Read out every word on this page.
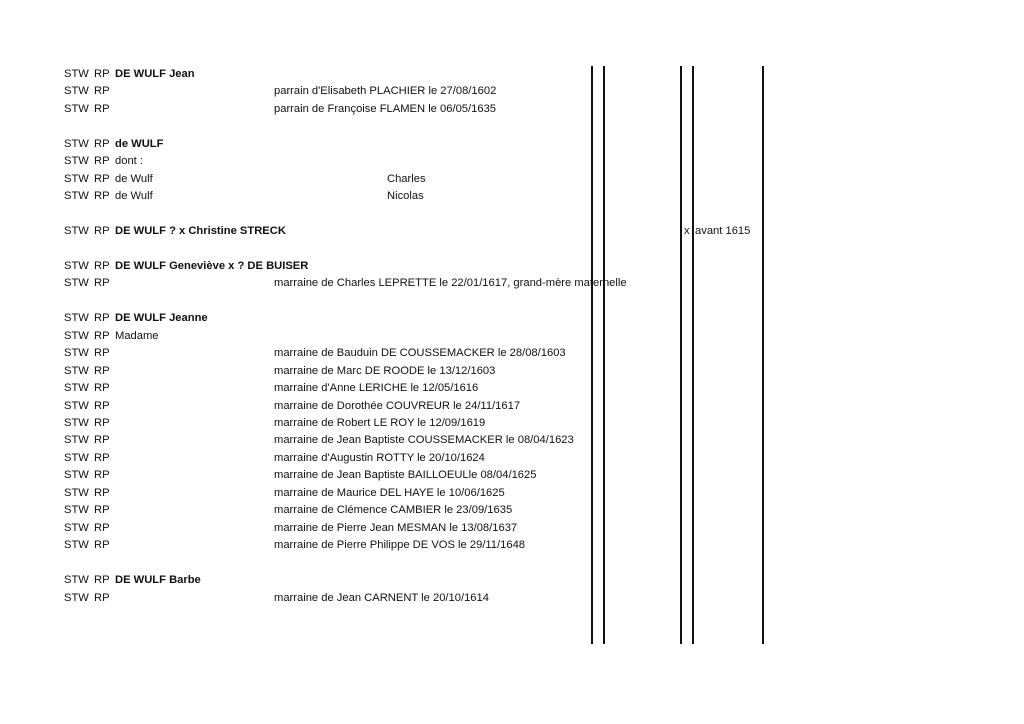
STW RP DE WULF Jean
STW RP	parrain d'Elisabeth PLACHIER le 27/08/1602
STW RP	parrain de Françoise FLAMEN le 06/05/1635
STW RP de WULF
STW RP dont :
STW RP de Wulf	Charles
STW RP de Wulf	Nicolas
STW RP DE WULF ? x Christine STRECK	x avant 1615
STW RP DE WULF Geneviève x ? DE BUISER
STW RP	marraine de Charles LEPRETTE le 22/01/1617, grand-mère maternelle
STW RP DE WULF Jeanne
STW RP Madame
STW RP	marraine de Bauduin DE COUSSEMACKER le 28/08/1603
STW RP	marraine de Marc DE ROODE le 13/12/1603
STW RP	marraine d'Anne LERICHE le 12/05/1616
STW RP	marraine de Dorothée COUVREUR le 24/11/1617
STW RP	marraine de Robert LE ROY le 12/09/1619
STW RP	marraine de Jean Baptiste COUSSEMACKER le 08/04/1623
STW RP	marraine d'Augustin ROTTY le 20/10/1624
STW RP	marraine de Jean Baptiste BAILLOEULle 08/04/1625
STW RP	marraine de Maurice DEL HAYE le 10/06/1625
STW RP	marraine de Clémence CAMBIER le 23/09/1635
STW RP	marraine de Pierre Jean MESMAN le 13/08/1637
STW RP	marraine de Pierre Philippe DE VOS le 29/11/1648
STW RP DE WULF Barbe
STW RP	marraine de Jean CARNENT le 20/10/1614
